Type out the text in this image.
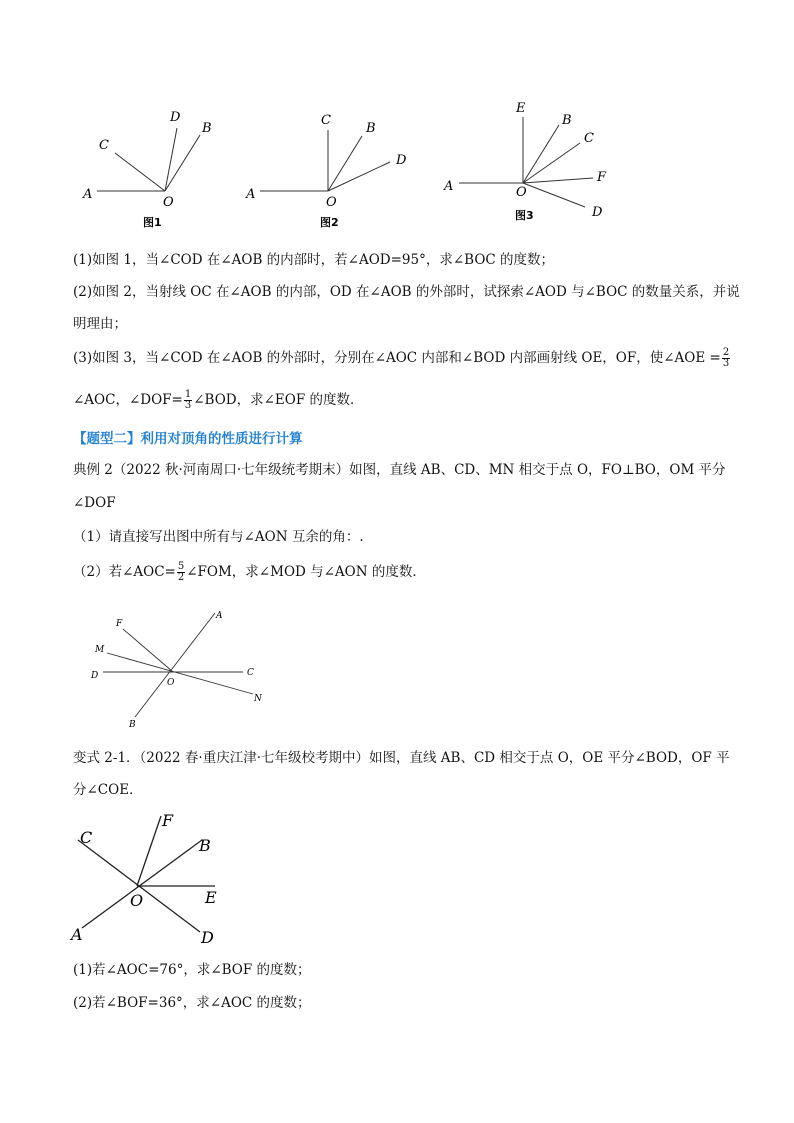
A
C
D
B
O
图1
A
C
B
D
O
图2
A
E
B
C
F
D
O
图3
(1)如图 1，当∠COD 在∠AOB 的内部时，若∠AOD=95°，求∠BOC 的度数；
(2)如图 2，当射线 OC 在∠AOB 的内部，OD 在∠AOB 的外部时，试探索∠AOD 与∠BOC 的数量关系，并说
明理由；
(3)如图 3，当∠COD 在∠AOB 的外部时，分别在∠AOC 内部和∠BOD 内部画射线 OE，OF，使∠AOE = $\frac{2}{3}$
∠AOC，∠DOF= $\frac{1}{3}$ ∠BOD，求∠EOF 的度数．
【题型二】利用对顶角的性质进行计算
典例 2（2022 秋·河南周口·七年级统考期末）如图，直线 AB、CD、MN 相交于点 O，FO⊥BO，OM 平分
∠DOF
（1）请直接写出图中所有与∠AON 互余的角：.
（2）若∠AOC= $\frac{5}{2}$ ∠FOM，求∠MOD 与∠AON 的度数．
F
A
M
D	C
O
N
B
变式 2-1．（2022 春·重庆江津·七年级校考期中）如图，直线 AB、CD 相交于点 O，OE 平分∠BOD，OF 平
分∠COE．
C
F
B
E
O
A	D
(1)若∠AOC=76°，求∠BOF 的度数；
(2)若∠BOF=36°，求∠AOC 的度数；
